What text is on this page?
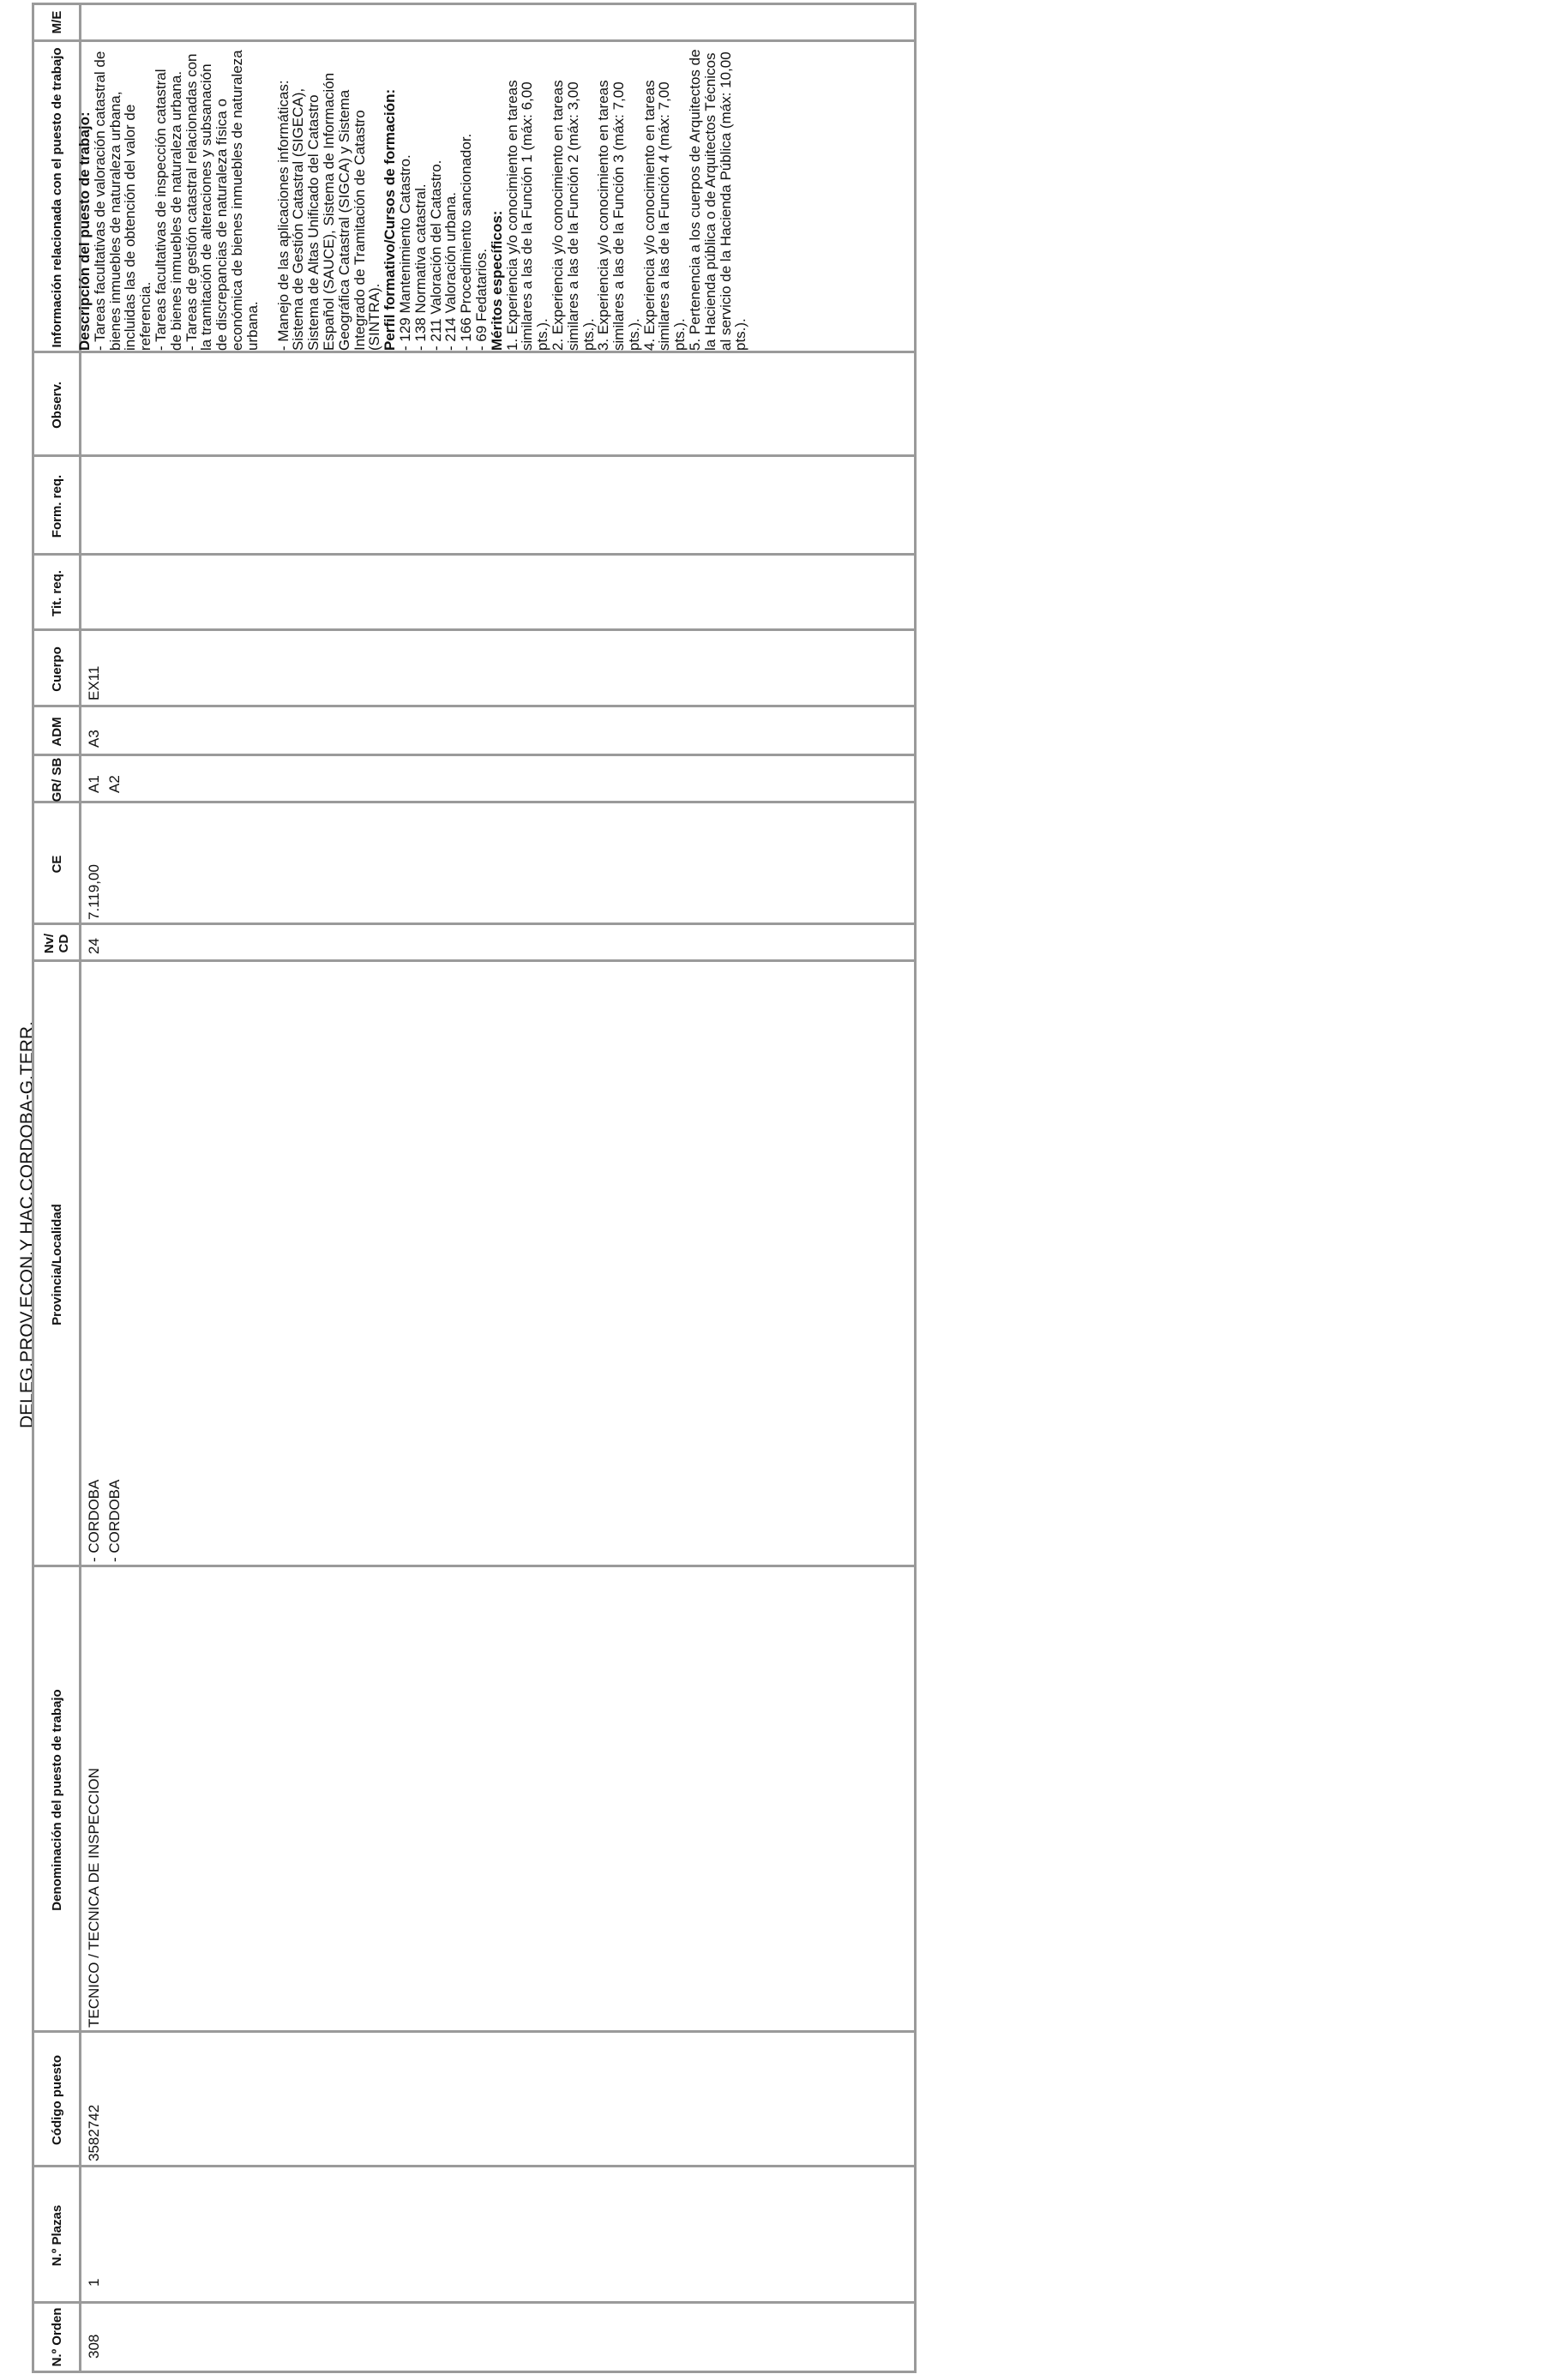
DELEG.PROV.ECON.Y HAC.CORDOBA-G.TERR.
N.º Orden
N.º Plazas
Código puesto
Denominación del puesto de trabajo
Provincia/Localidad
Nv/ CD
CE
GR/ SB
ADM
Cuerpo
Tit. req.
Form. req.
Observ.
Información relacionada con el puesto de trabajo
M/E
308
1
3582742
TECNICO / TECNICA DE INSPECCION
- CORDOBA - CORDOBA
24
7.119,00
A1 A2
A3
EX11
Descripción del puesto de trabajo:
- Tareas facultativas de valoración catastral de bienes inmuebles de naturaleza urbana, incluidas las de obtención del valor de referencia.
- Tareas facultativas de inspección catastral de bienes inmuebles de naturaleza urbana.
- Tareas de gestión catastral relacionadas con la tramitación de alteraciones y subsanación de discrepancias de naturaleza física o económica de bienes inmuebles de naturaleza urbana. - Manejo de las aplicaciones informáticas: Sistema de Gestión Catastral (SIGECA), Sistema de Altas Unificado del Catastro Español (SAUCE), Sistema de Información Geográfica Catastral (SIGCA) y Sistema Integrado de Tramitación de Catastro (SINTRA).
Perfil formativo/Cursos de formación:
- 129 Mantenimiento Catastro.
- 138 Normativa catastral.
- 211 Valoración del Catastro.
- 214 Valoración urbana.
- 166 Procedimiento sancionador.
- 69 Fedatarios.
Méritos específicos:
1. Experiencia y/o conocimiento en tareas similares a las de la Función 1 (máx: 6,00 pts.).
2. Experiencia y/o conocimiento en tareas similares a las de la Función 2 (máx: 3,00 pts.).
3. Experiencia y/o conocimiento en tareas similares a las de la Función 3 (máx: 7,00 pts.).
4. Experiencia y/o conocimiento en tareas similares a las de la Función 4 (máx: 7,00 pts.).
5. Pertenencia a los cuerpos de Arquitectos de la Hacienda pública o de Arquitectos Técnicos al servicio de la Hacienda Pública (máx: 10,00 pts.).
